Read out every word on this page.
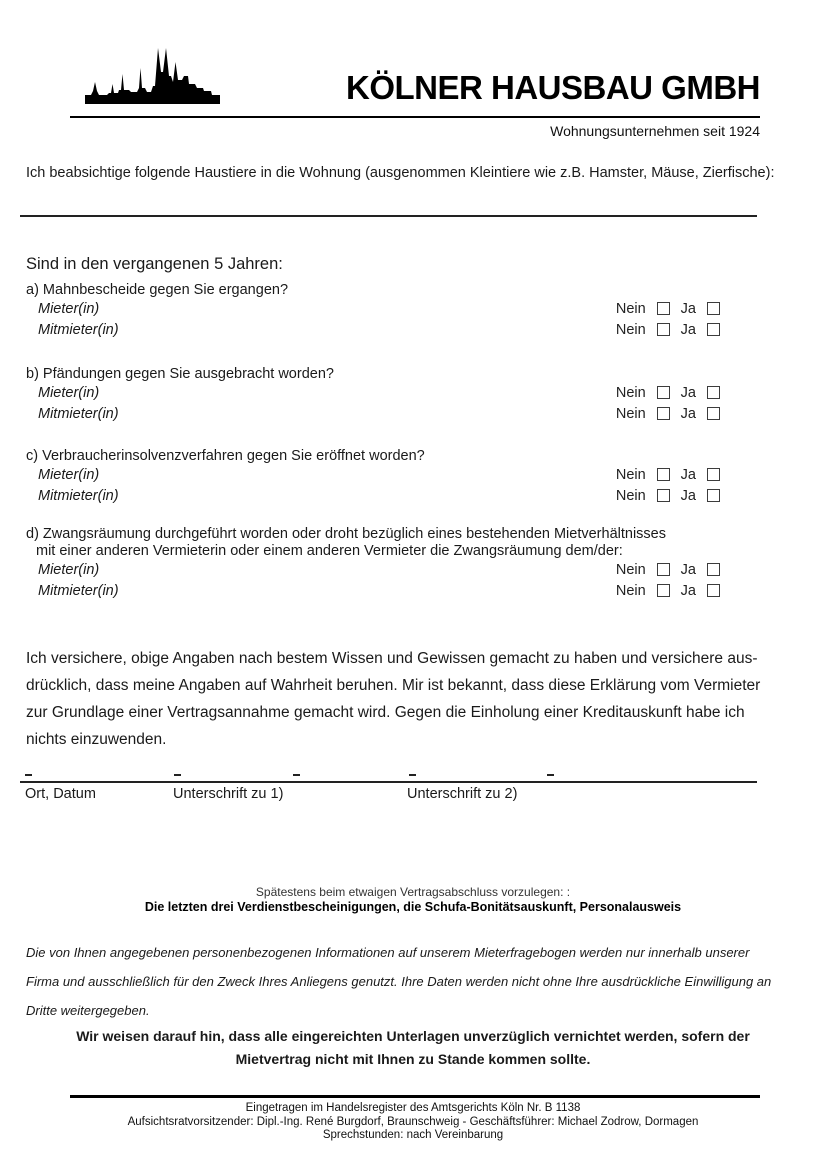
KÖLNER HAUSBAU GMBH
Wohnungsunternehmen seit 1924

Ich beabsichtige folgende Haustiere in die Wohnung (ausgenommen Kleintiere wie z.B. Hamster, Mäuse, Zierfische):

Sind in den vergangenen 5 Jahren:

a) Mahnbescheide gegen Sie ergangen?

Mieter(in)	Nein Ja
Mitmieter(in)	Nein Ja

b) Pfändungen gegen Sie ausgebracht worden?

Mieter(in)	Nein Ja
Mitmieter(in)	Nein Ja

c) Verbraucherinsolvenzverfahren gegen Sie eröffnet worden?

Mieter(in)	Nein Ja
Mitmieter(in)	Nein Ja

d) Zwangsräumung durchgeführt worden oder droht bezüglich eines bestehenden Mietverhältnisses

mit einer anderen Vermieterin oder einem anderen Vermieter die Zwangsräumung dem/der:

Mieter(in)	Nein Ja
Mitmieter(in)	Nein Ja
Ich versichere, obige Angaben nach bestem Wissen und Gewissen gemacht zu haben und versichere aus-
drücklich, dass meine Angaben auf Wahrheit beruhen. Mir ist bekannt, dass diese Erklärung vom Vermieter
zur Grundlage einer Vertragsannahme gemacht wird. Gegen die Einholung einer Kreditauskunft habe ich
nichts einzuwenden.
Ort, Datum	Unterschrift zu 1)	Unterschrift zu 2)
Spätestens beim etwaigen Vertragsabschluss vorzulegen: :
Die letzten drei Verdienstbescheinigungen, die Schufa-Bonitätsauskunft, Personalausweis
Die von Ihnen angegebenen personenbezogenen Informationen auf unserem Mieterfragebogen werden nur innerhalb unserer
Firma und ausschließlich für den Zweck Ihres Anliegens genutzt. Ihre Daten werden nicht ohne Ihre ausdrückliche Einwilligung an
Dritte weitergegeben.
Wir weisen darauf hin, dass alle eingereichten Unterlagen unverzüglich vernichtet werden, sofern der
Mietvertrag nicht mit Ihnen zu Stande kommen sollte.
Eingetragen im Handelsregister des Amtsgerichts Köln Nr. B 1138
Aufsichtsratvorsitzender: Dipl.-Ing. René Burgdorf, Braunschweig - Geschäftsführer: Michael Zodrow, Dormagen
Sprechstunden: nach Vereinbarung
